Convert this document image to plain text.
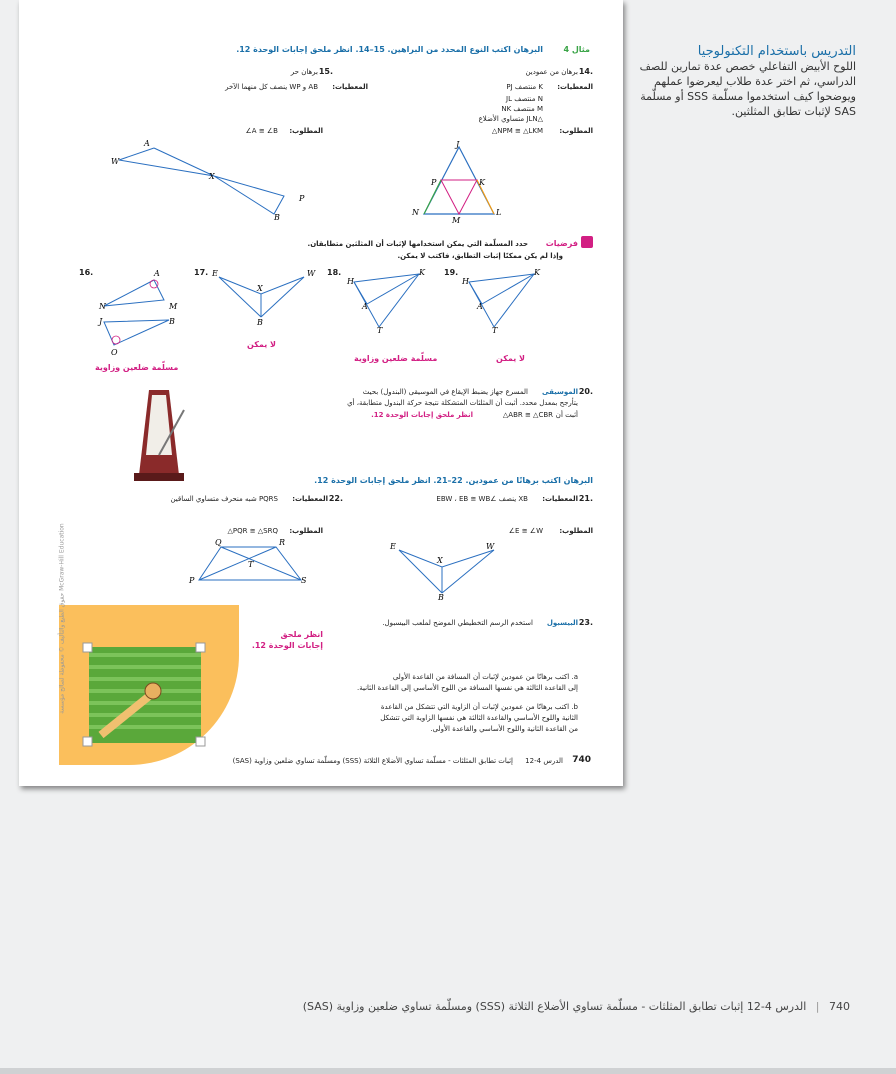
مثال 4
البرهان اكتب النوع المحدد من البراهين. 15–14. انظر ملحق إجابات الوحدة 12.
14.
برهان من عمودين
المعطيات:
K منتصف PJ
N منتصف JL
M منتصف NK
△JLN متساوي الأضلاع
المطلوب:
△NPM ≅ △LKM
15.
برهان حر
المعطيات:
AB و WP ينصف كل منهما الآخر
المطلوب:
∠A ≅ ∠B
A
W
X
P
B
J
P	K
N
M
L
فرضيات
حدد المسلّمة التي يمكن استخدامها لإثبات أن المثلثين متطابقان.
وإذا لم يكن ممكنًا إثبات التطابق، فاكتب لا يمكن.
16.	A
N	M
J	B
O
مسلّمة ضلعين وزاوية
17. E	W
X
B
لا يمكن
18.
H
K
A
T
مسلّمة ضلعين وزاوية
19.
H
K
A
T
لا يمكن
20.
الموسيقى
المسرع جهاز يضبط الإيقاع في الموسيقى (البندول) بحيث
يتأرجح بمعدل محدد. أثبت أن المثلثات المتشكلة نتيجة حركة البندول متطابقة، أي
أثبت أن
△ABR ≅ △CBR
انظر ملحق إجابات الوحدة 12.
البرهان اكتب برهانًا من عمودين. 22–21. انظر ملحق إجابات الوحدة 12.
21.
المعطيات:
XB ينصف ∠EBW ، EB ≅ WB
المطلوب:
∠E ≅ ∠W
E	W
X
B
22.
المعطيات:
PQRS شبه منحرف متساوي الساقين
المطلوب:
△PQR ≅ △SRQ
Q	R
T
P	S
23.
البيسبول
استخدم الرسم التخطيطي الموضح لملعب البيسبول.
انظر ملحق
إجابات الوحدة 12.
a. اكتب برهانًا من عمودين لإثبات أن المسافة من القاعدة الأولى
إلى القاعدة الثالثة هي نفسها المسافة من اللوح الأساسي إلى القاعدة الثانية.
b. اكتب برهانًا من عمودين لإثبات أن الزاوية التي تتشكل من القاعدة
الثانية واللوح الأساسي والقاعدة الثالثة هي نفسها الزاوية التي تتشكل
من القاعدة الثانية واللوح الأساسي والقاعدة الأولى.
حقوق الطبع والتأليف © محفوظة لصالح مؤسسة McGraw-Hill Education
740
الدرس 4-12
إثبات تطابق المثلثات - مسلّمة تساوي الأضلاع الثلاثة (SSS) ومسلّمة تساوي ضلعين وزاوية (SAS)
التدريس باستخدام التكنولوجيا
اللوح الأبيض التفاعلي خصص عدة تمارين للصف الدراسي، ثم اختر عدة طلاب ليعرضوا عملهم ويوضحوا كيف استخدموا مسلّمة SSS أو مسلّمة SAS لإثبات تطابق المثلثين.
740 | الدرس 4-12 إثبات تطابق المثلثات - مسلّمة تساوي الأضلاع الثلاثة (SSS) ومسلّمة تساوي ضلعين وزاوية (SAS)
